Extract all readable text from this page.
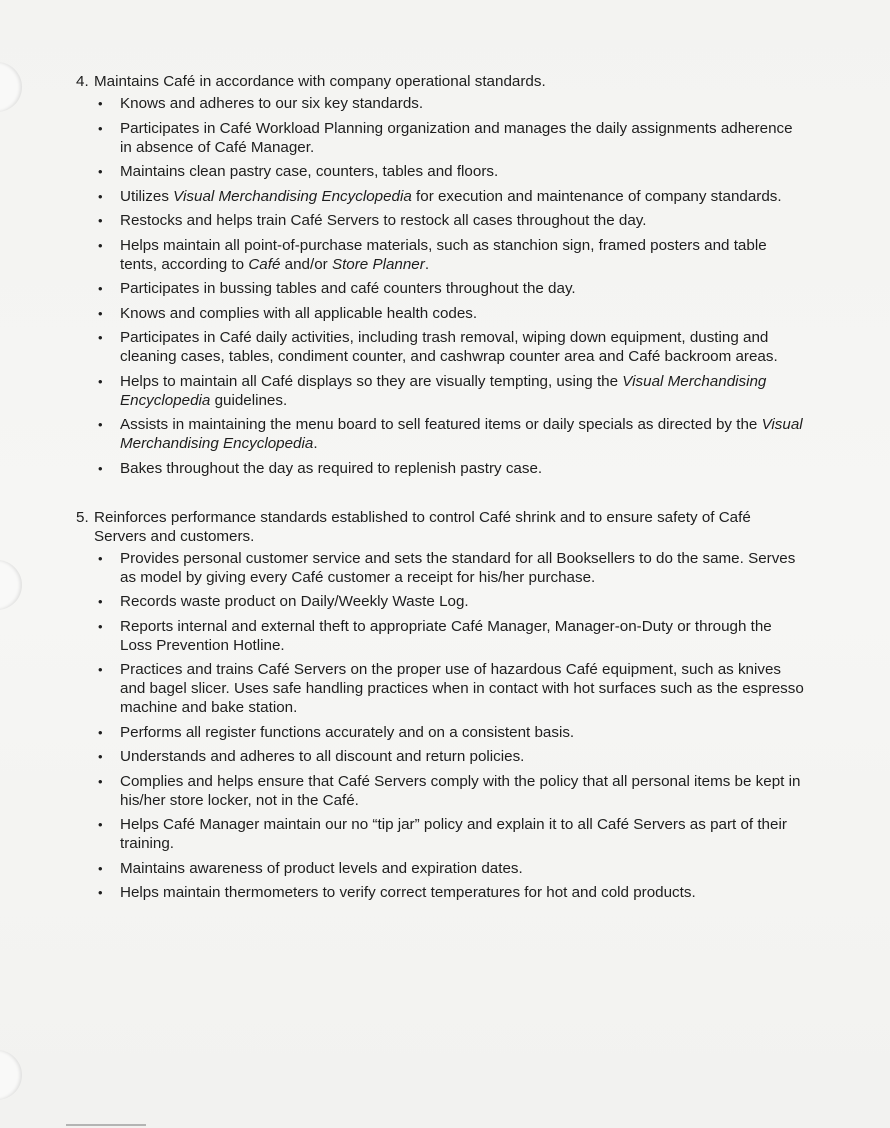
4. Maintains Café in accordance with company operational standards.
•	Knows and adheres to our six key standards.
•	Participates in Café Workload Planning organization and manages the daily assignments adherence in absence of Café Manager.
•	Maintains clean pastry case, counters, tables and floors.
•	Utilizes Visual Merchandising Encyclopedia for execution and maintenance of company standards.
•	Restocks and helps train Café Servers to restock all cases throughout the day.
•	Helps maintain all point-of-purchase materials, such as stanchion sign, framed posters and table tents, according to Café and/or Store Planner.
•	Participates in bussing tables and café counters throughout the day.
•	Knows and complies with all applicable health codes.
•	Participates in Café daily activities, including trash removal, wiping down equipment, dusting and cleaning cases, tables, condiment counter, and cashwrap counter area and Café backroom areas.
•	Helps to maintain all Café displays so they are visually tempting, using the Visual Merchandising Encyclopedia guidelines.
•	Assists in maintaining the menu board to sell featured items or daily specials as directed by the Visual Merchandising Encyclopedia.
•	Bakes throughout the day as required to replenish pastry case.
5. Reinforces performance standards established to control Café shrink and to ensure safety of Café Servers and customers.
•	Provides personal customer service and sets the standard for all Booksellers to do the same. Serves as model by giving every Café customer a receipt for his/her purchase.
•	Records waste product on Daily/Weekly Waste Log.
•	Reports internal and external theft to appropriate Café Manager, Manager-on-Duty or through the Loss Prevention Hotline.
•	Practices and trains Café Servers on the proper use of hazardous Café equipment, such as knives and bagel slicer. Uses safe handling practices when in contact with hot surfaces such as the espresso machine and bake station.
•	Performs all register functions accurately and on a consistent basis.
•	Understands and adheres to all discount and return policies.
•	Complies and helps ensure that Café Servers comply with the policy that all personal items be kept in his/her store locker, not in the Café.
•	Helps Café Manager maintain our no “tip jar” policy and explain it to all Café Servers as part of their training.
•	Maintains awareness of product levels and expiration dates.
•	Helps maintain thermometers to verify correct temperatures for hot and cold products.
